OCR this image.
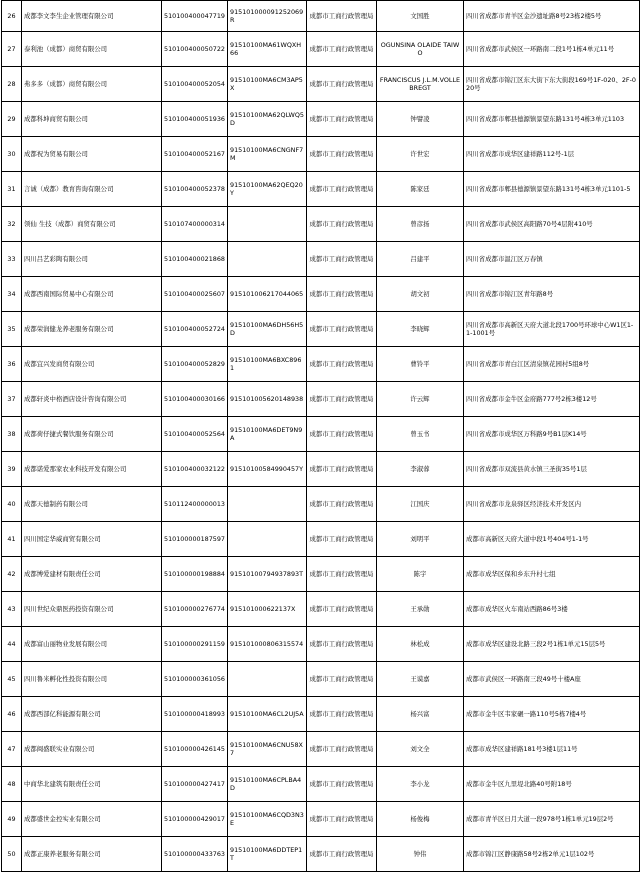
26	成都李文李生企业管理有限公司	510100400047719	915101000091252069R	成都市工商行政管理局	文国胜	四川省成都市青羊区金沙遗址路8号23栋2楼5号
27	泰利池（成都）商贸有限公司	510100400050722	91510100MA61WQXH66	成都市工商行政管理局	OGUNSINA OLAIDE TAIWO	四川省成都市武侯区一环路南二段1号1栋4单元11号
28	弗多多（成都）商贸有限公司	510100400052054	91510100MA6CM3AP5X	成都市工商行政管理局	FRANCISCUS J.L.M.VOLLEBREGT	四川省成都市锦江区东大街下东大街段169号1F-020、2F-020号
29	成都科坤商贸有限公司	510100400051936	91510100MA62QLWQ5D	成都市工商行政管理局	钟譬凌	四川省成都市郫县德源镇景望东路131号4栋3单元1103
30	成都祝为贸易有限公司	510100400052167	91510100MA6CNGNF7M	成都市工商行政管理局	许世宏	四川省成都市成华区建祥路112号-1层
31	言诚（成都）教育咨询有限公司	510100400052378	91510100MA62QEQ20Y	成都市工商行政管理局	陈家廷	四川省成都市郫县德源镇景望东路131号4栋3单元1101-5
32	领仙 生技（成都）商贸有限公司	510107400000314		成都市工商行政管理局	曾彦扬	四川省成都市武侯区高阳路70号4层附410号
33	四川吕艺彩陶有限公司	510100400021868		成都市工商行政管理局	吕建平	四川省成都市温江区万春镇
34	成都西南国际贸易中心有限公司	510100400025607	915101006217044065	成都市工商行政管理局	胡文初	四川省成都市锦江区青年路8号
35	成都荣润健龙养老服务有限公司	510100400052724	91510100MA6DH56H5D	成都市工商行政管理局	李晓辉	四川省成都市高新区天府大道北段1700号环球中心W1区1-1-1001号
36	成都宜兴发商贸有限公司	510100400052829	91510100MA6BXC8961	成都市工商行政管理局	曹铃平	四川省成都市青白江区清泉镇花园村5组8号
37	成都轩炎中格酒店设计咨询有限公司	510100400030166	915101005620148938	成都市工商行政管理局	许云辉	四川省成都市金牛区金府路777号2栋3楼12号
38	成都荷仔捷式餐饮服务有限公司	510100400052564	91510100MA6DET9N9A	成都市工商行政管理局	曾玉书	四川省成都市成华区万科路9号B1层K14号
39	成都诺爱那家农业科技开发有限公司	510100400032122	91510100584990457Y	成都市工商行政管理局	李淑蓉	四川省成都市双流县黄水镇三圣街35号1层
40	成都天德制药有限公司	510112400000013		成都市工商行政管理局	江国庆	四川省成都市龙泉驿区经济技术开发区内
41	四川国定华威商贸有限公司	510100000187597		成都市工商行政管理局	刘明平	成都市高新区天府大道中段1号404号1-1号
42	成都博爱建材有限责任公司	510100000198884	91510100794937893T	成都市工商行政管理局	陈宇	成都市成华区保和乡东升村七组
43	四川世纪众鼎医药投资有限公司	510100000276774	915101000622137X	成都市工商行政管理局	王承勋	成都市成华区火车南站西路86号3楼
44	成都富山丽物业发展有限公司	510100000291159	915101000806315574	成都市工商行政管理局	林松成	成都市成华区建设北路三段2号1栋1单元15层5号
45	四川鲁米孵化性投资有限公司	510100000361056		成都市工商行政管理局	王谟嘉	成都市武侯区一环路南三段49号十楼A座
46	成都西部亿科能源有限公司	510100000418993	91510100MA6CL2UJ5A	成都市工商行政管理局	杨兴富	成都市金牛区韦家碾一路110号5栋7楼4号
47	成都闽盛联实业有限公司	510100000426145	91510100MA6CNU58X7	成都市工商行政管理局	刘文全	成都市成华区建祥路181号3楼1层11号
48	中商华北建筑有限责任公司	510100000427417	91510100MA6CPLBA4D	成都市工商行政管理局	李小龙	成都市金牛区九里堤北路40号附18号
49	成都盛世金控实业有限公司	510100000429017	91510100MA6CQD3N3E	成都市工商行政管理局	杨俊梅	成都市青羊区日月大道一段978号1栋1单元19层2号
50	成都正康养老服务有限公司	510100000433763	91510100MA6DDTEP1T	成都市工商行政管理局	钟伟	成都市锦江区静康路58号2栋2单元1层102号
